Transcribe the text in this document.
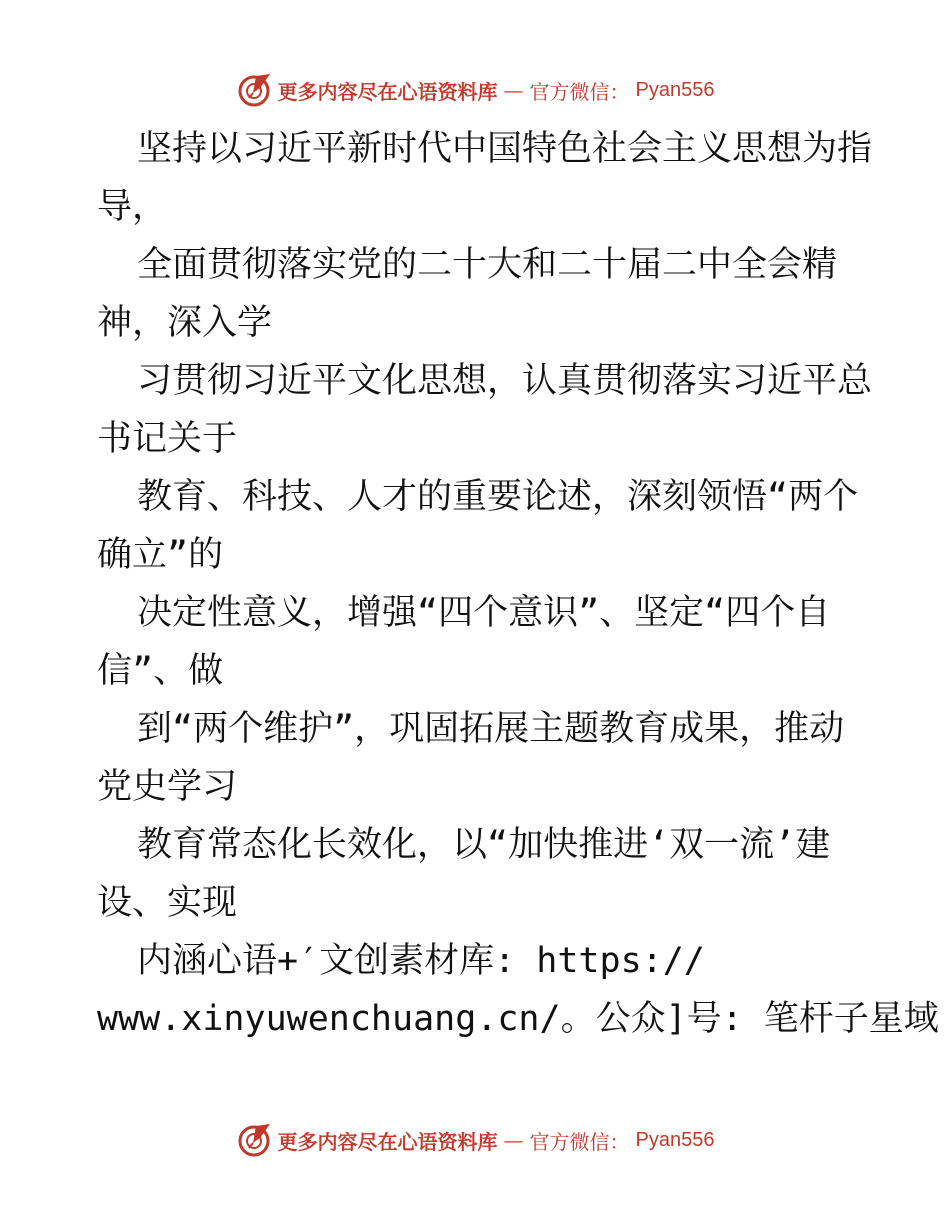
更多内容尽在心语资料库 — 官方微信： Pyan556
坚持以习近平新时代中国特色社会主义思想为指
导，
全面贯彻落实党的二十大和二十届二中全会精
神，深入学
习贯彻习近平文化思想，认真贯彻落实习近平总
书记关于
教育、科技、人才的重要论述，深刻领悟“两个
确立”的
决定性意义，增强“四个意识”、坚定“四个自
信”、做
到“两个维护”，巩固拓展主题教育成果，推动
党史学习
教育常态化长效化，以“加快推进‘双一流’建
设、实现
内涵心语+′文创素材库: https://
www.xinyuwenchuang.cn/。公众]号: 笔杆子星域
更多内容尽在心语资料库 — 官方微信： Pyan556
